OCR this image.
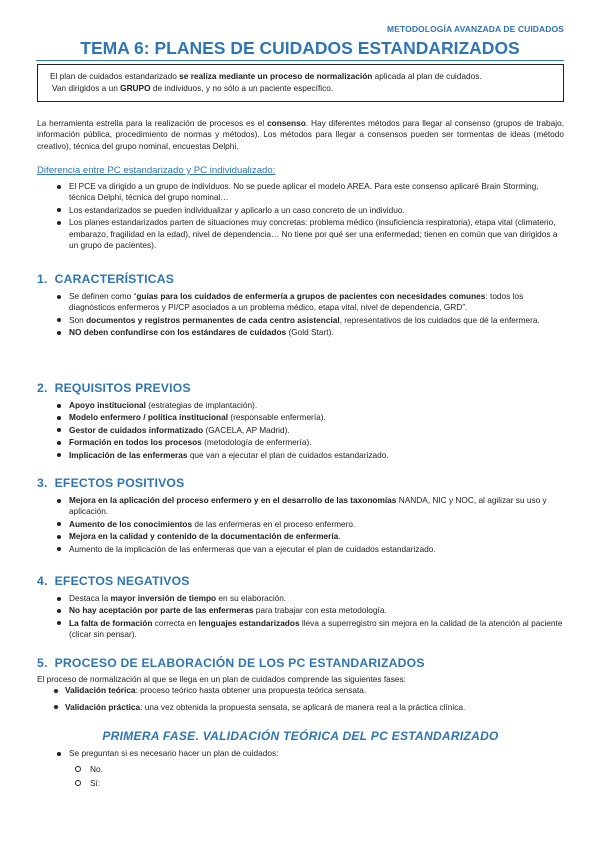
METODOLOGÍA AVANZADA DE CUIDADOS
TEMA 6: PLANES DE CUIDADOS ESTANDARIZADOS

El plan de cuidados estandarizado se realiza mediante un proceso de normalización aplicada al plan de cuidados.

Van dirigidos a un GRUPO de individuos, y no sólo a un paciente específico.

La herramienta estrella para la realización de procesos es el consenso. Hay diferentes métodos para llegar al consenso (grupos de trabajo, información pública, procedimiento de normas y métodos). Los métodos para llegar a consensos pueden ser tormentas de ideas (método creativo), técnica del grupo nominal, encuestas Delphi.

Diferencia entre PC estandarizado y PC individualizado:
El PCE va dirigido a un grupo de individuos. No se puede aplicar el modelo AREA. Para este consenso aplicaré Brain Storming, técnica Delphi, técnica del grupo nominal…
Los estandarizados se pueden individualizar y aplicarlo a un caso concreto de un individuo.
Los planes estandarizados parten de situaciones muy concretas: problema médico (insuficiencia respiratoria), etapa vital (climaterio, embarazo, fragilidad en la edad), nivel de dependencia… No tiene por qué ser una enfermedad; tienen en común que van dirigidos a un grupo de pacientes).
1. CARACTERÍSTICAS
Se definen como “guías para los cuidados de enfermería a grupos de pacientes con necesidades comunes: todos los diagnósticos enfermeros y PI/CP asociados a un problema médico, etapa vital, nivel de dependencia, GRD”.
Son documentos y registros permanentes de cada centro asistencial, representativos de los cuidados que dé la enfermera.
NO deben confundirse con los estándares de cuidados (Gold Start).
2. REQUISITOS PREVIOS
Apoyo institucional (estrategias de implantación).
Modelo enfermero / política institucional (responsable enfermería).
Gestor de cuidados informatizado (GACELA, AP Madrid).
Formación en todos los procesos (metodología de enfermería).
Implicación de las enfermeras que van a ejecutar el plan de cuidados estandarizado.
3. EFECTOS POSITIVOS
Mejora en la aplicación del proceso enfermero y en el desarrollo de las taxonomías NANDA, NIC y NOC, al agilizar su uso y aplicación.
Aumento de los conocimientos de las enfermeras en el proceso enfermero.
Mejora en la calidad y contenido de la documentación de enfermería.
Aumento de la implicación de las enfermeras que van a ejecutar el plan de cuidados estandarizado.
4. EFECTOS NEGATIVOS
Destaca la mayor inversión de tiempo en su elaboración.
No hay aceptación por parte de las enfermeras para trabajar con esta metodología.
La falta de formación correcta en lenguajes estandarizados lleva a superregistro sin mejora en la calidad de la atención al paciente (clicar sin pensar).
5. PROCESO DE ELABORACIÓN DE LOS PC ESTANDARIZADOS

El proceso de normalización al que se llega en un plan de cuidados comprende las siguientes fases:

Validación teórica: proceso teórico hasta obtener una propuesta teórica sensata.
Validación práctica: una vez obtenida la propuesta sensata, se aplicará de manera real a la práctica clínica.
PRIMERA FASE. VALIDACIÓN TEÓRICA DEL PC ESTANDARIZADO
Se preguntan si es necesario hacer un plan de cuidados:
No.
Sí:
